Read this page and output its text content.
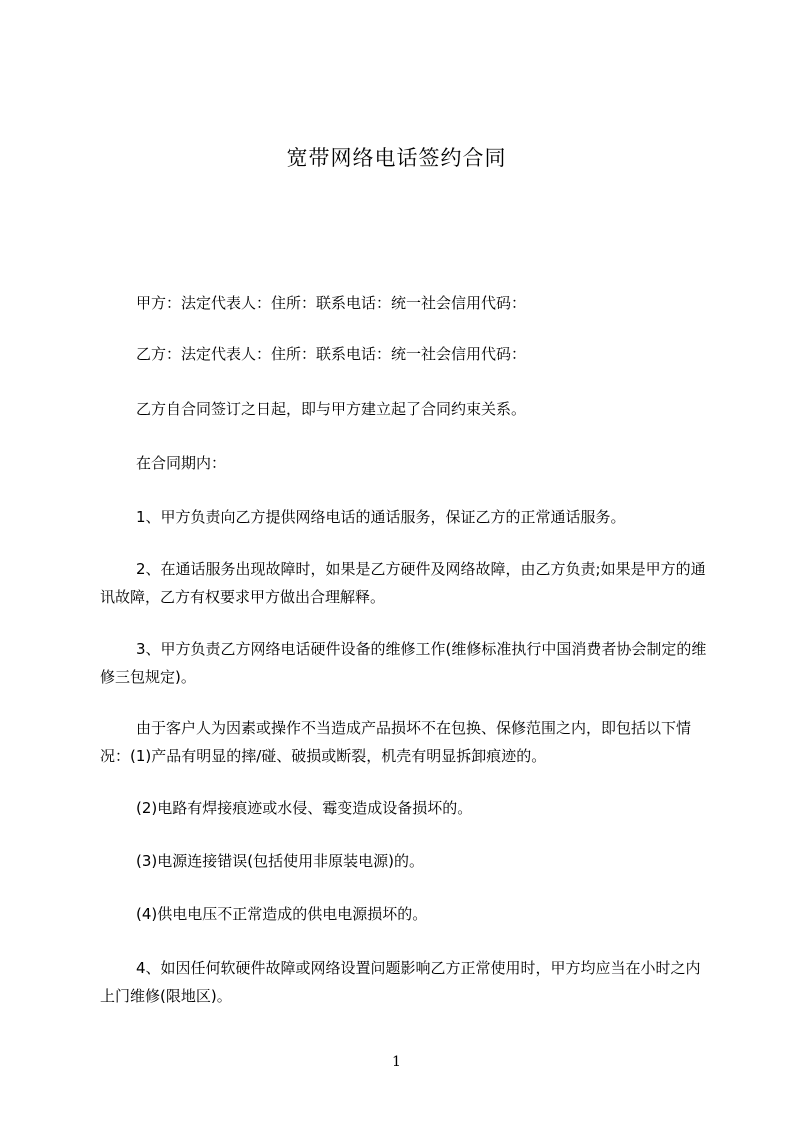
宽带网络电话签约合同

甲方：法定代表人：住所：联系电话：统一社会信用代码：

乙方：法定代表人：住所：联系电话：统一社会信用代码：

乙方自合同签订之日起，即与甲方建立起了合同约束关系。

在合同期内：

1、甲方负责向乙方提供网络电话的通话服务，保证乙方的正常通话服务。

2、在通话服务出现故障时，如果是乙方硬件及网络故障，由乙方负责;如果是甲方的通讯故障，乙方有权要求甲方做出合理解释。

3、甲方负责乙方网络电话硬件设备的维修工作(维修标准执行中国消费者协会制定的维修三包规定)。

由于客户人为因素或操作不当造成产品损坏不在包换、保修范围之内，即包括以下情况：(1)产品有明显的摔/碰、破损或断裂，机壳有明显拆卸痕迹的。

(2)电路有焊接痕迹或水侵、霉变造成设备损坏的。

(3)电源连接错误(包括使用非原装电源)的。

(4)供电电压不正常造成的供电电源损坏的。

4、如因任何软硬件故障或网络设置问题影响乙方正常使用时，甲方均应当在小时之内上门维修(限地区)。

1
